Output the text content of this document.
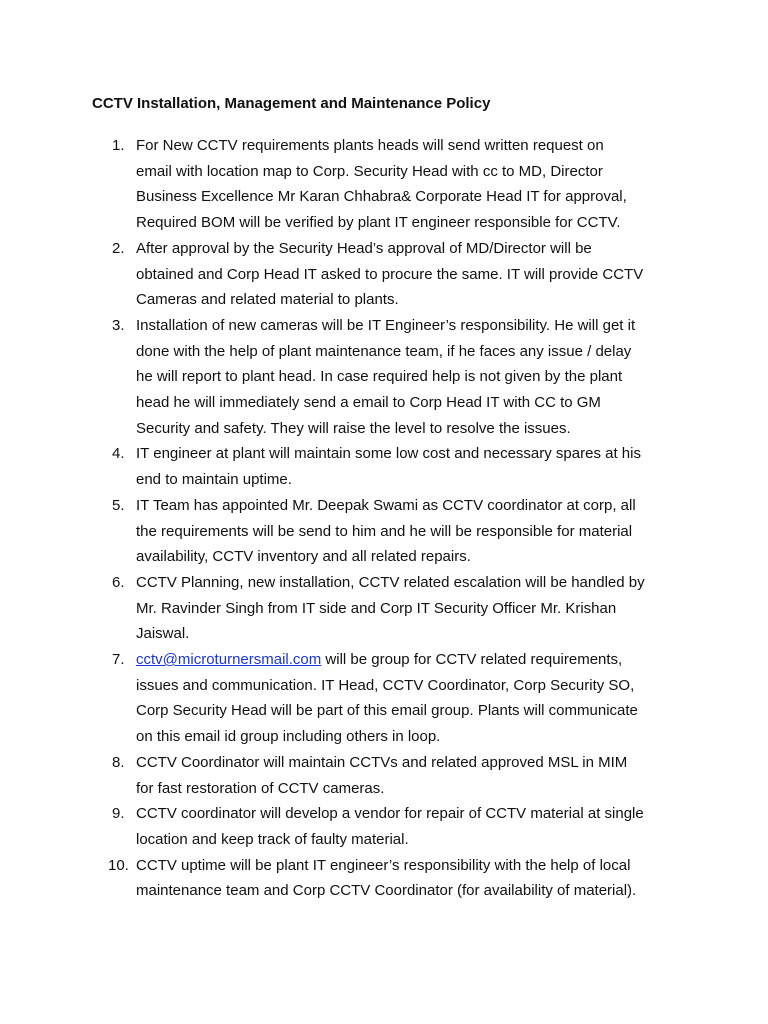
CCTV Installation, Management and Maintenance Policy
1. For New CCTV requirements plants heads will send written request on
email with location map to Corp. Security Head with cc to MD, Director
Business Excellence Mr Karan Chhabra& Corporate Head IT for approval,
Required BOM will be verified by plant IT engineer responsible for CCTV.
2. After approval by the Security Head’s approval of MD/Director will be
obtained and Corp Head IT asked to procure the same. IT will provide CCTV
Cameras and related material to plants.
3. Installation of new cameras will be IT Engineer’s responsibility. He will get it
done with the help of plant maintenance team, if he faces any issue / delay
he will report to plant head. In case required help is not given by the plant
head he will immediately send a email to Corp Head IT with CC to GM
Security and safety. They will raise the level to resolve the issues.
4. IT engineer at plant will maintain some low cost and necessary spares at his
end to maintain uptime.
5. IT Team has appointed Mr. Deepak Swami as CCTV coordinator at corp, all
the requirements will be send to him and he will be responsible for material
availability, CCTV inventory and all related repairs.
6. CCTV Planning, new installation, CCTV related escalation will be handled by
Mr. Ravinder Singh from IT side and Corp IT Security Officer Mr. Krishan
Jaiswal.
7. cctv@microturnersmail.com will be group for CCTV related requirements,
issues and communication. IT Head, CCTV Coordinator, Corp Security SO,
Corp Security Head will be part of this email group. Plants will communicate
on this email id group including others in loop.
8. CCTV Coordinator will maintain CCTVs and related approved MSL in MIM
for fast restoration of CCTV cameras.
9. CCTV coordinator will develop a vendor for repair of CCTV material at single
location and keep track of faulty material.
10. CCTV uptime will be plant IT engineer’s responsibility with the help of local
maintenance team and Corp CCTV Coordinator (for availability of material).
